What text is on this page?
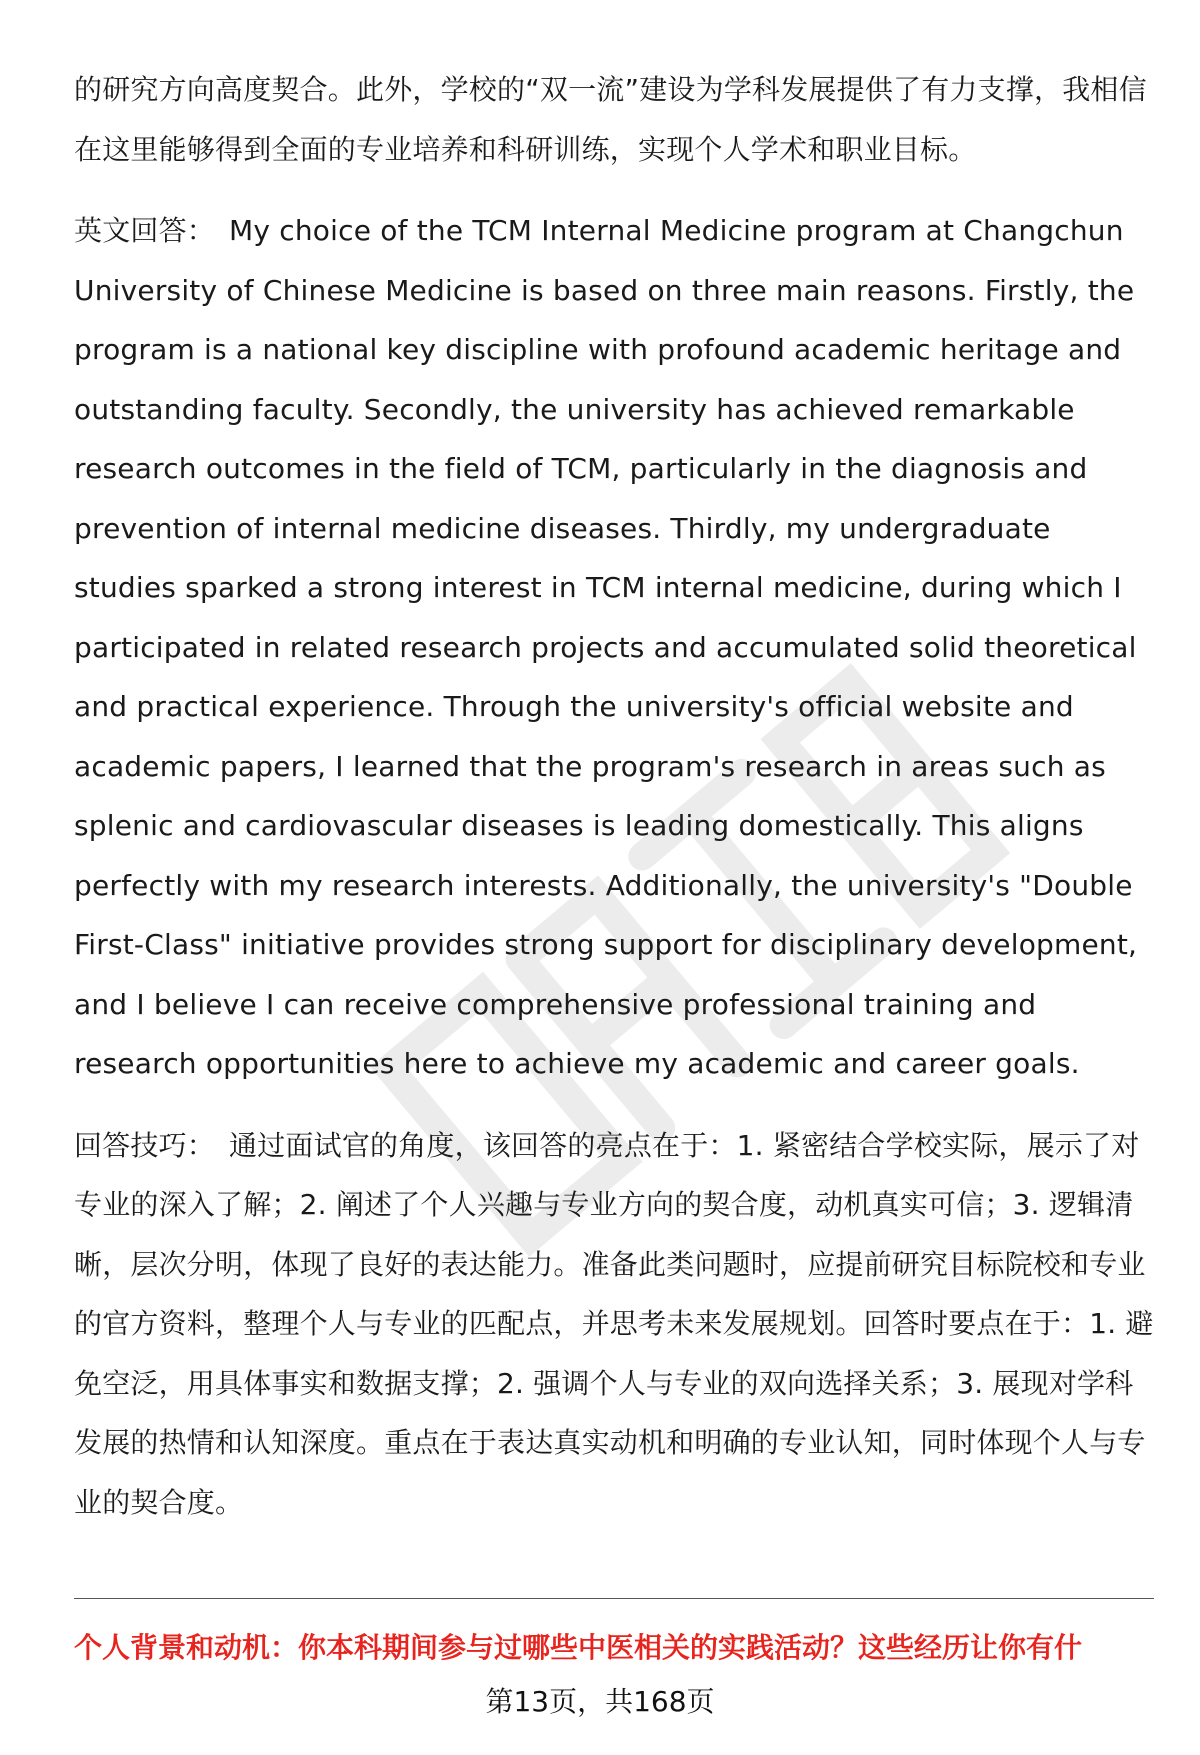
的研究方向高度契合。此外，学校的“双一流”建设为学科发展提供了有力支撑，我相信在这里能够得到全面的专业培养和科研训练，实现个人学术和职业目标。

英文回答： My choice of the TCM Internal Medicine program at Changchun University of Chinese Medicine is based on three main reasons. Firstly, the program is a national key discipline with profound academic heritage and outstanding faculty. Secondly, the university has achieved remarkable research outcomes in the field of TCM, particularly in the diagnosis and prevention of internal medicine diseases. Thirdly, my undergraduate studies sparked a strong interest in TCM internal medicine, during which I participated in related research projects and accumulated solid theoretical and practical experience. Through the university's official website and academic papers, I learned that the program's research in areas such as splenic and cardiovascular diseases is leading domestically. This aligns perfectly with my research interests. Additionally, the university's "Double First-Class" initiative provides strong support for disciplinary development, and I believe I can receive comprehensive professional training and research opportunities here to achieve my academic and career goals.

回答技巧： 通过面试官的角度，该回答的亮点在于：1. 紧密结合学校实际，展示了对专业的深入了解；2. 阐述了个人兴趣与专业方向的契合度，动机真实可信；3. 逻辑清晰，层次分明，体现了良好的表达能力。准备此类问题时，应提前研究目标院校和专业的官方资料，整理个人与专业的匹配点，并思考未来发展规划。回答时要点在于：1. 避免空泛，用具体事实和数据支撑；2. 强调个人与专业的双向选择关系；3. 展现对学科发展的热情和认知深度。重点在于表达真实动机和明确的专业认知，同时体现个人与专业的契合度。

个人背景和动机：你本科期间参与过哪些中医相关的实践活动？这些经历让你有什
第13页，共168页
